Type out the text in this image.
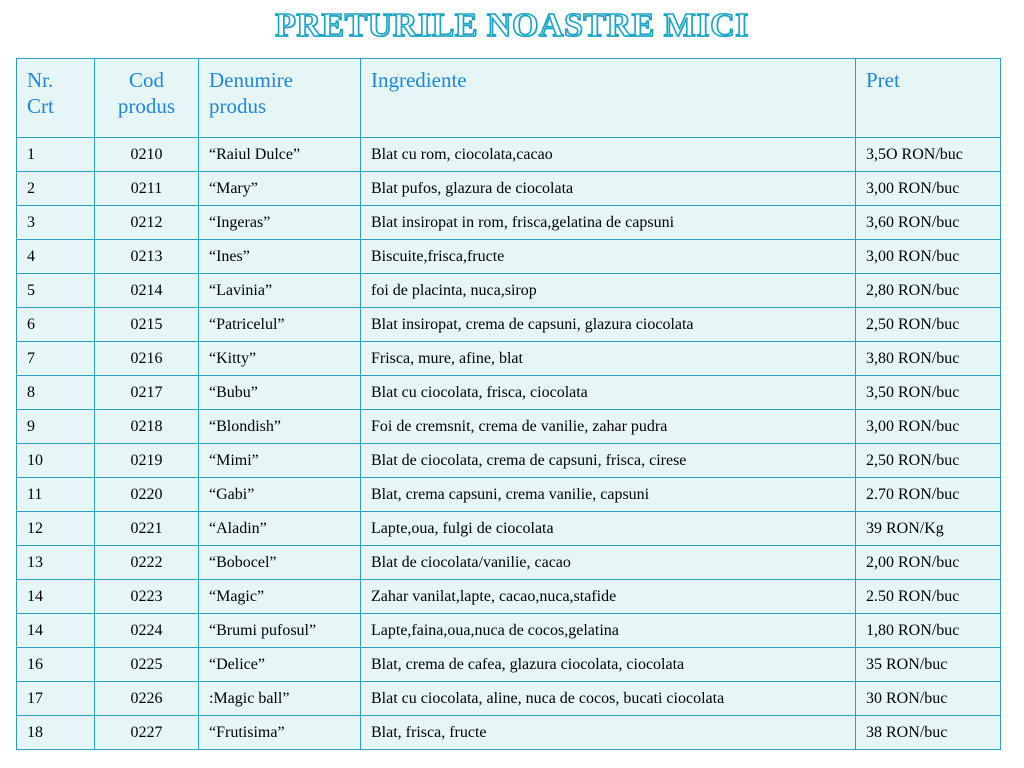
PRETURILE NOASTRE MICI
Nr. Crt	Cod produs	Denumire produs	Ingrediente	Pret
1	0210	“Raiul Dulce”	Blat cu rom, ciocolata,cacao	3,5O RON/buc
2	0211	“Mary”	Blat pufos, glazura de ciocolata	3,00 RON/buc
3	0212	“Ingeras”	Blat insiropat in rom, frisca,gelatina de capsuni	3,60 RON/buc
4	0213	“Ines”	Biscuite,frisca,fructe	3,00 RON/buc
5	0214	“Lavinia”	foi de placinta, nuca,sirop	2,80 RON/buc
6	0215	“Patricelul”	Blat insiropat, crema de capsuni, glazura ciocolata	2,50 RON/buc
7	0216	“Kitty”	Frisca, mure, afine, blat	3,80 RON/buc
8	0217	“Bubu”	Blat cu ciocolata, frisca, ciocolata	3,50 RON/buc
9	0218	“Blondish”	Foi de cremsnit, crema de vanilie, zahar pudra	3,00 RON/buc
10	0219	“Mimi”	Blat de ciocolata, crema de capsuni, frisca, cirese	2,50 RON/buc
11	0220	“Gabi”	Blat, crema capsuni, crema vanilie, capsuni	2.70 RON/buc
12	0221	“Aladin”	Lapte,oua, fulgi de ciocolata	39 RON/Kg
13	0222	“Bobocel”	Blat de ciocolata/vanilie, cacao	2,00 RON/buc
14	0223	“Magic”	Zahar vanilat,lapte, cacao,nuca,stafide	2.50 RON/buc
14	0224	“Brumi pufosul”	Lapte,faina,oua,nuca de cocos,gelatina	1,80 RON/buc
16	0225	“Delice”	Blat, crema de cafea, glazura ciocolata, ciocolata	35 RON/buc
17	0226	:Magic ball”	Blat cu ciocolata, aline, nuca de cocos, bucati ciocolata	30 RON/buc
18	0227	“Frutisima”	Blat, frisca, fructe	38 RON/buc
